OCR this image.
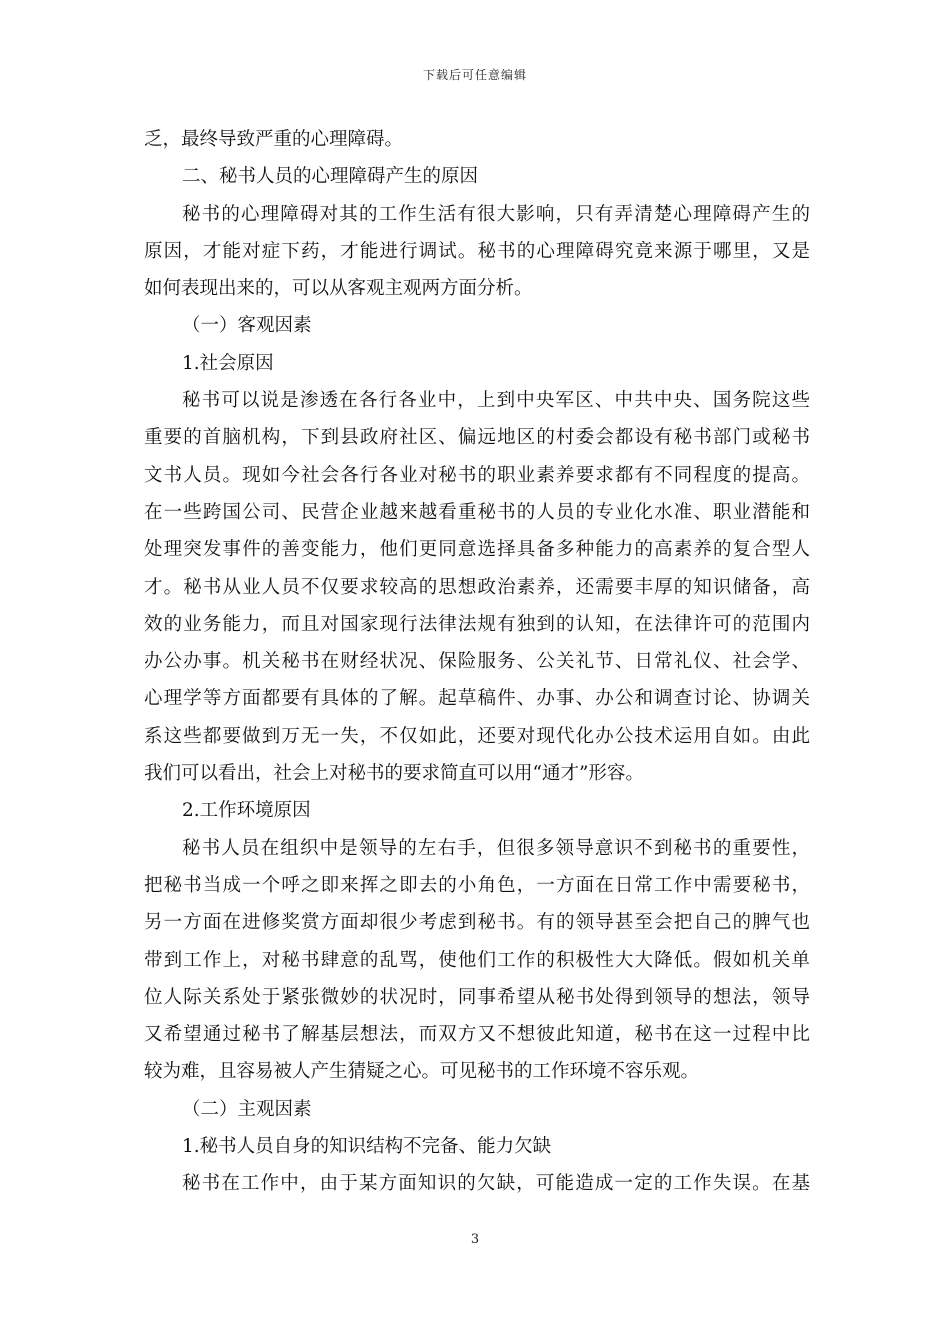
下载后可任意编辑
乏，最终导致严重的心理障碍。
二、秘书人员的心理障碍产生的原因
秘书的心理障碍对其的工作生活有很大影响，只有弄清楚心理障碍产生的
原因，才能对症下药，才能进行调试。秘书的心理障碍究竟来源于哪里，又是
如何表现出来的，可以从客观主观两方面分析。
（一）客观因素
1.社会原因
秘书可以说是渗透在各行各业中，上到中央军区、中共中央、国务院这些
重要的首脑机构，下到县政府社区、偏远地区的村委会都设有秘书部门或秘书
文书人员。现如今社会各行各业对秘书的职业素养要求都有不同程度的提高。
在一些跨国公司、民营企业越来越看重秘书的人员的专业化水准、职业潜能和
处理突发事件的善变能力，他们更同意选择具备多种能力的高素养的复合型人
才。秘书从业人员不仅要求较高的思想政治素养，还需要丰厚的知识储备，高
效的业务能力，而且对国家现行法律法规有独到的认知，在法律许可的范围内
办公办事。机关秘书在财经状况、保险服务、公关礼节、日常礼仪、社会学、
心理学等方面都要有具体的了解。起草稿件、办事、办公和调查讨论、协调关
系这些都要做到万无一失，不仅如此，还要对现代化办公技术运用自如。由此
我们可以看出，社会上对秘书的要求简直可以用“通才”形容。
2.工作环境原因
秘书人员在组织中是领导的左右手，但很多领导意识不到秘书的重要性，
把秘书当成一个呼之即来挥之即去的小角色，一方面在日常工作中需要秘书，
另一方面在进修奖赏方面却很少考虑到秘书。有的领导甚至会把自己的脾气也
带到工作上，对秘书肆意的乱骂，使他们工作的积极性大大降低。假如机关单
位人际关系处于紧张微妙的状况时，同事希望从秘书处得到领导的想法，领导
又希望通过秘书了解基层想法，而双方又不想彼此知道，秘书在这一过程中比
较为难，且容易被人产生猜疑之心。可见秘书的工作环境不容乐观。
（二）主观因素
1.秘书人员自身的知识结构不完备、能力欠缺
秘书在工作中，由于某方面知识的欠缺，可能造成一定的工作失误。在基
3
